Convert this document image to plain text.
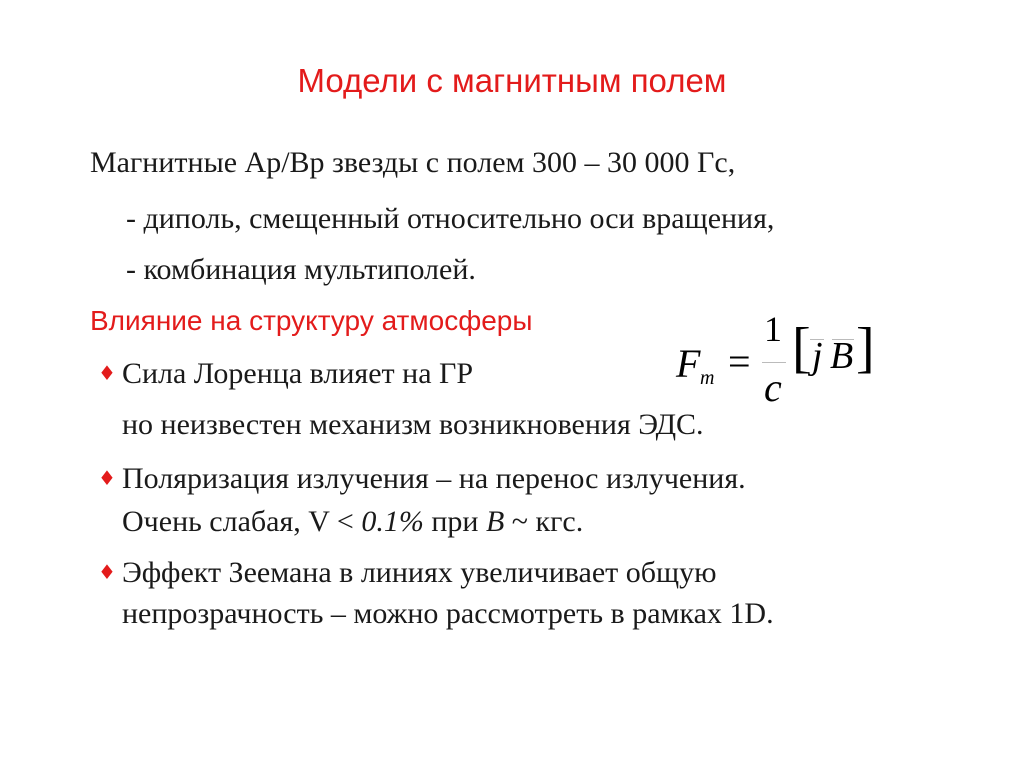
Модели с магнитным полем
Магнитные Ар/Вр звезды с полем 300 – 30 000 Гс,
- диполь, смещенный относительно оси вращения,
- комбинация мультиполей.
Влияние на структуру атмосферы
♦ Сила Лоренца влияет на ГР
но неизвестен механизм возникновения ЭДС.
♦ Поляризация излучения – на перенос излучения.
Очень слабая, V < 0.1% при B ~ кгс.
♦ Эффект Зеемана в линиях увеличивает общую
непрозрачность – можно рассмотреть в рамках 1D.
F m =
1
c
[ j B ]
